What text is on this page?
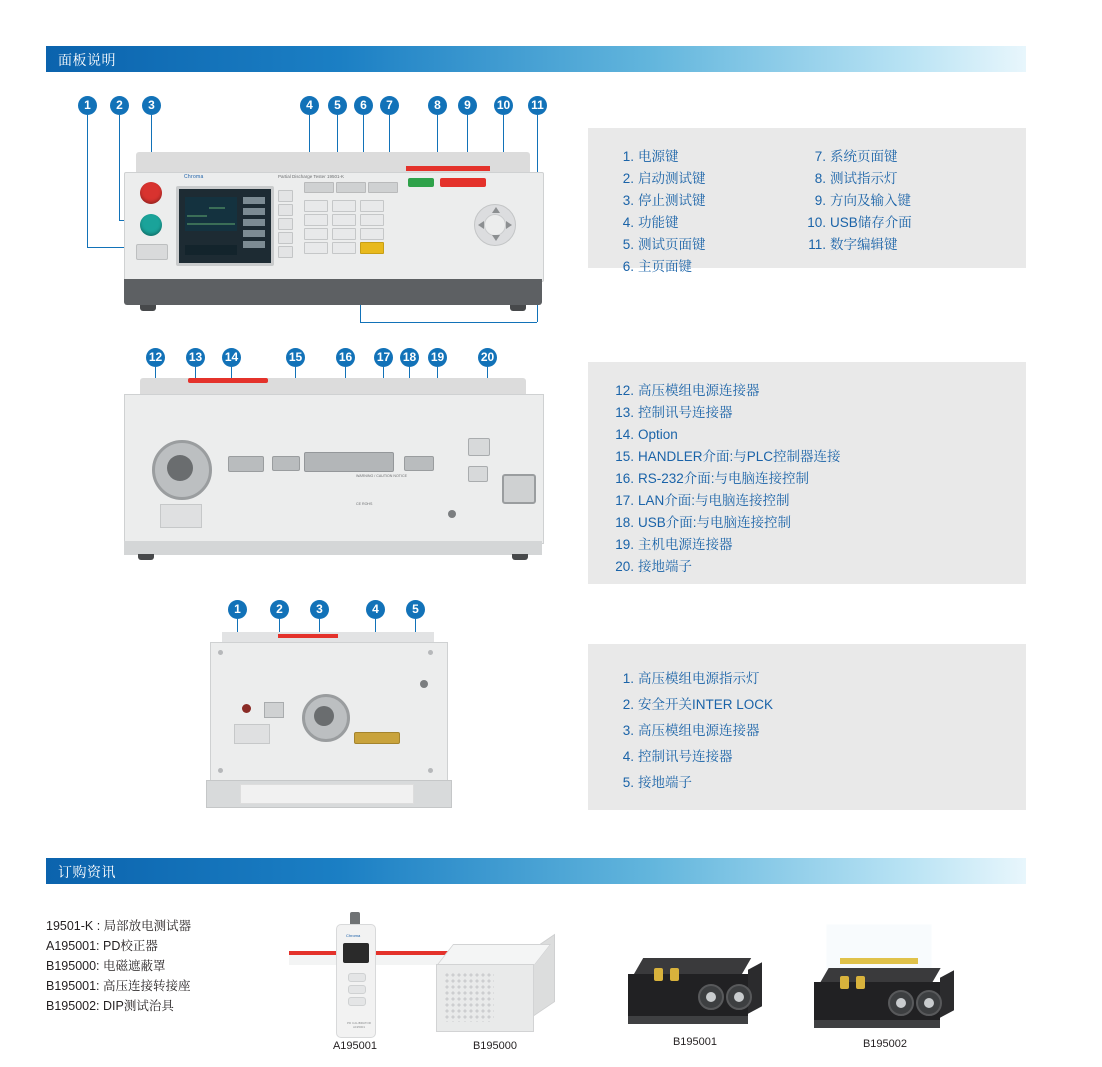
面板说明
1	2	3	4	5	6	7	8	9	10 11
Chroma	Partial Discharge Tester 19501-K
1. 电源键
2. 启动测试键
3. 停止测试键
4. 功能键
5. 测试页面键
6. 主页面键
7. 系统页面键
8. 测试指示灯
9. 方向及输入键
10. USB储存介面
11. 数字编辑键
12 13 14	15	16 17 18 19	20
WARNING / CAUTION NOTICE
CE ROHS
12. 高压模组电源连接器
13. 控制讯号连接器
14. Option
15. HANDLER介面:与PLC控制器连接
16. RS-232介面:与电脑连接控制
17. LAN介面:与电脑连接控制
18. USB介面:与电脑连接控制
19. 主机电源连接器
20. 接地端子
1	2	3	4	5
1. 高压模组电源指示灯
2. 安全开关INTER LOCK
3. 高压模组电源连接器
4. 控制讯号连接器
5. 接地端子
订购资讯
19501-K : 局部放电测试器
A195001: PD校正器
B195000: 电磁遮蔽罩
B195001: 高压连接转接座
B195002: DIP测试治具
Chroma
PD CALIBRATOR A195001
A195001	B195000	B195001	B195002
